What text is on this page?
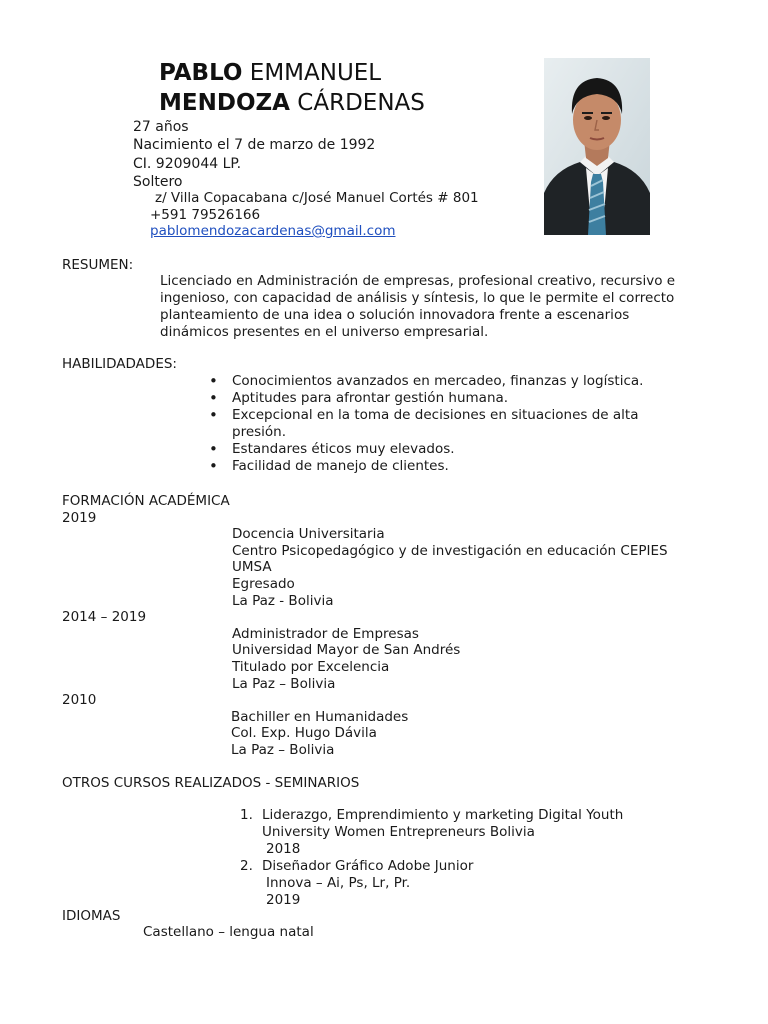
PABLO EMMANUEL
MENDOZA CÁRDENAS
27 años
Nacimiento el 7 de marzo de 1992
CI. 9209044 LP.
Soltero
z/ Villa Copacabana c/José Manuel Cortés # 801
+591 79526166
pablomendozacardenas@gmail.com
RESUMEN:
Licenciado en Administración de empresas, profesional creativo, recursivo e ingenioso, con capacidad de análisis y síntesis, lo que le permite el correcto planteamiento de una idea o solución innovadora frente a escenarios dinámicos presentes en el universo empresarial.
HABILIDADADES:
• Conocimientos avanzados en mercadeo, finanzas y logística.
• Aptitudes para afrontar gestión humana.
• Excepcional en la toma de decisiones en situaciones de alta presión.
• Estandares éticos muy elevados.
• Facilidad de manejo de clientes.
FORMACIÓN ACADÉMICA
2019
Docencia Universitaria
Centro Psicopedagógico y de investigación en educación CEPIES
UMSA
Egresado
La Paz - Bolivia
2014 – 2019
Administrador de Empresas
Universidad Mayor de San Andrés
Titulado por Excelencia
La Paz – Bolivia
2010
Bachiller en Humanidades
Col. Exp. Hugo Dávila
La Paz – Bolivia
OTROS CURSOS REALIZADOS - SEMINARIOS
1. Liderazgo, Emprendimiento y marketing Digital Youth
University Women Entrepreneurs Bolivia
2018
2. Diseñador Gráfico Adobe Junior
Innova – Ai, Ps, Lr, Pr.
2019
IDIOMAS
Castellano – lengua natal
